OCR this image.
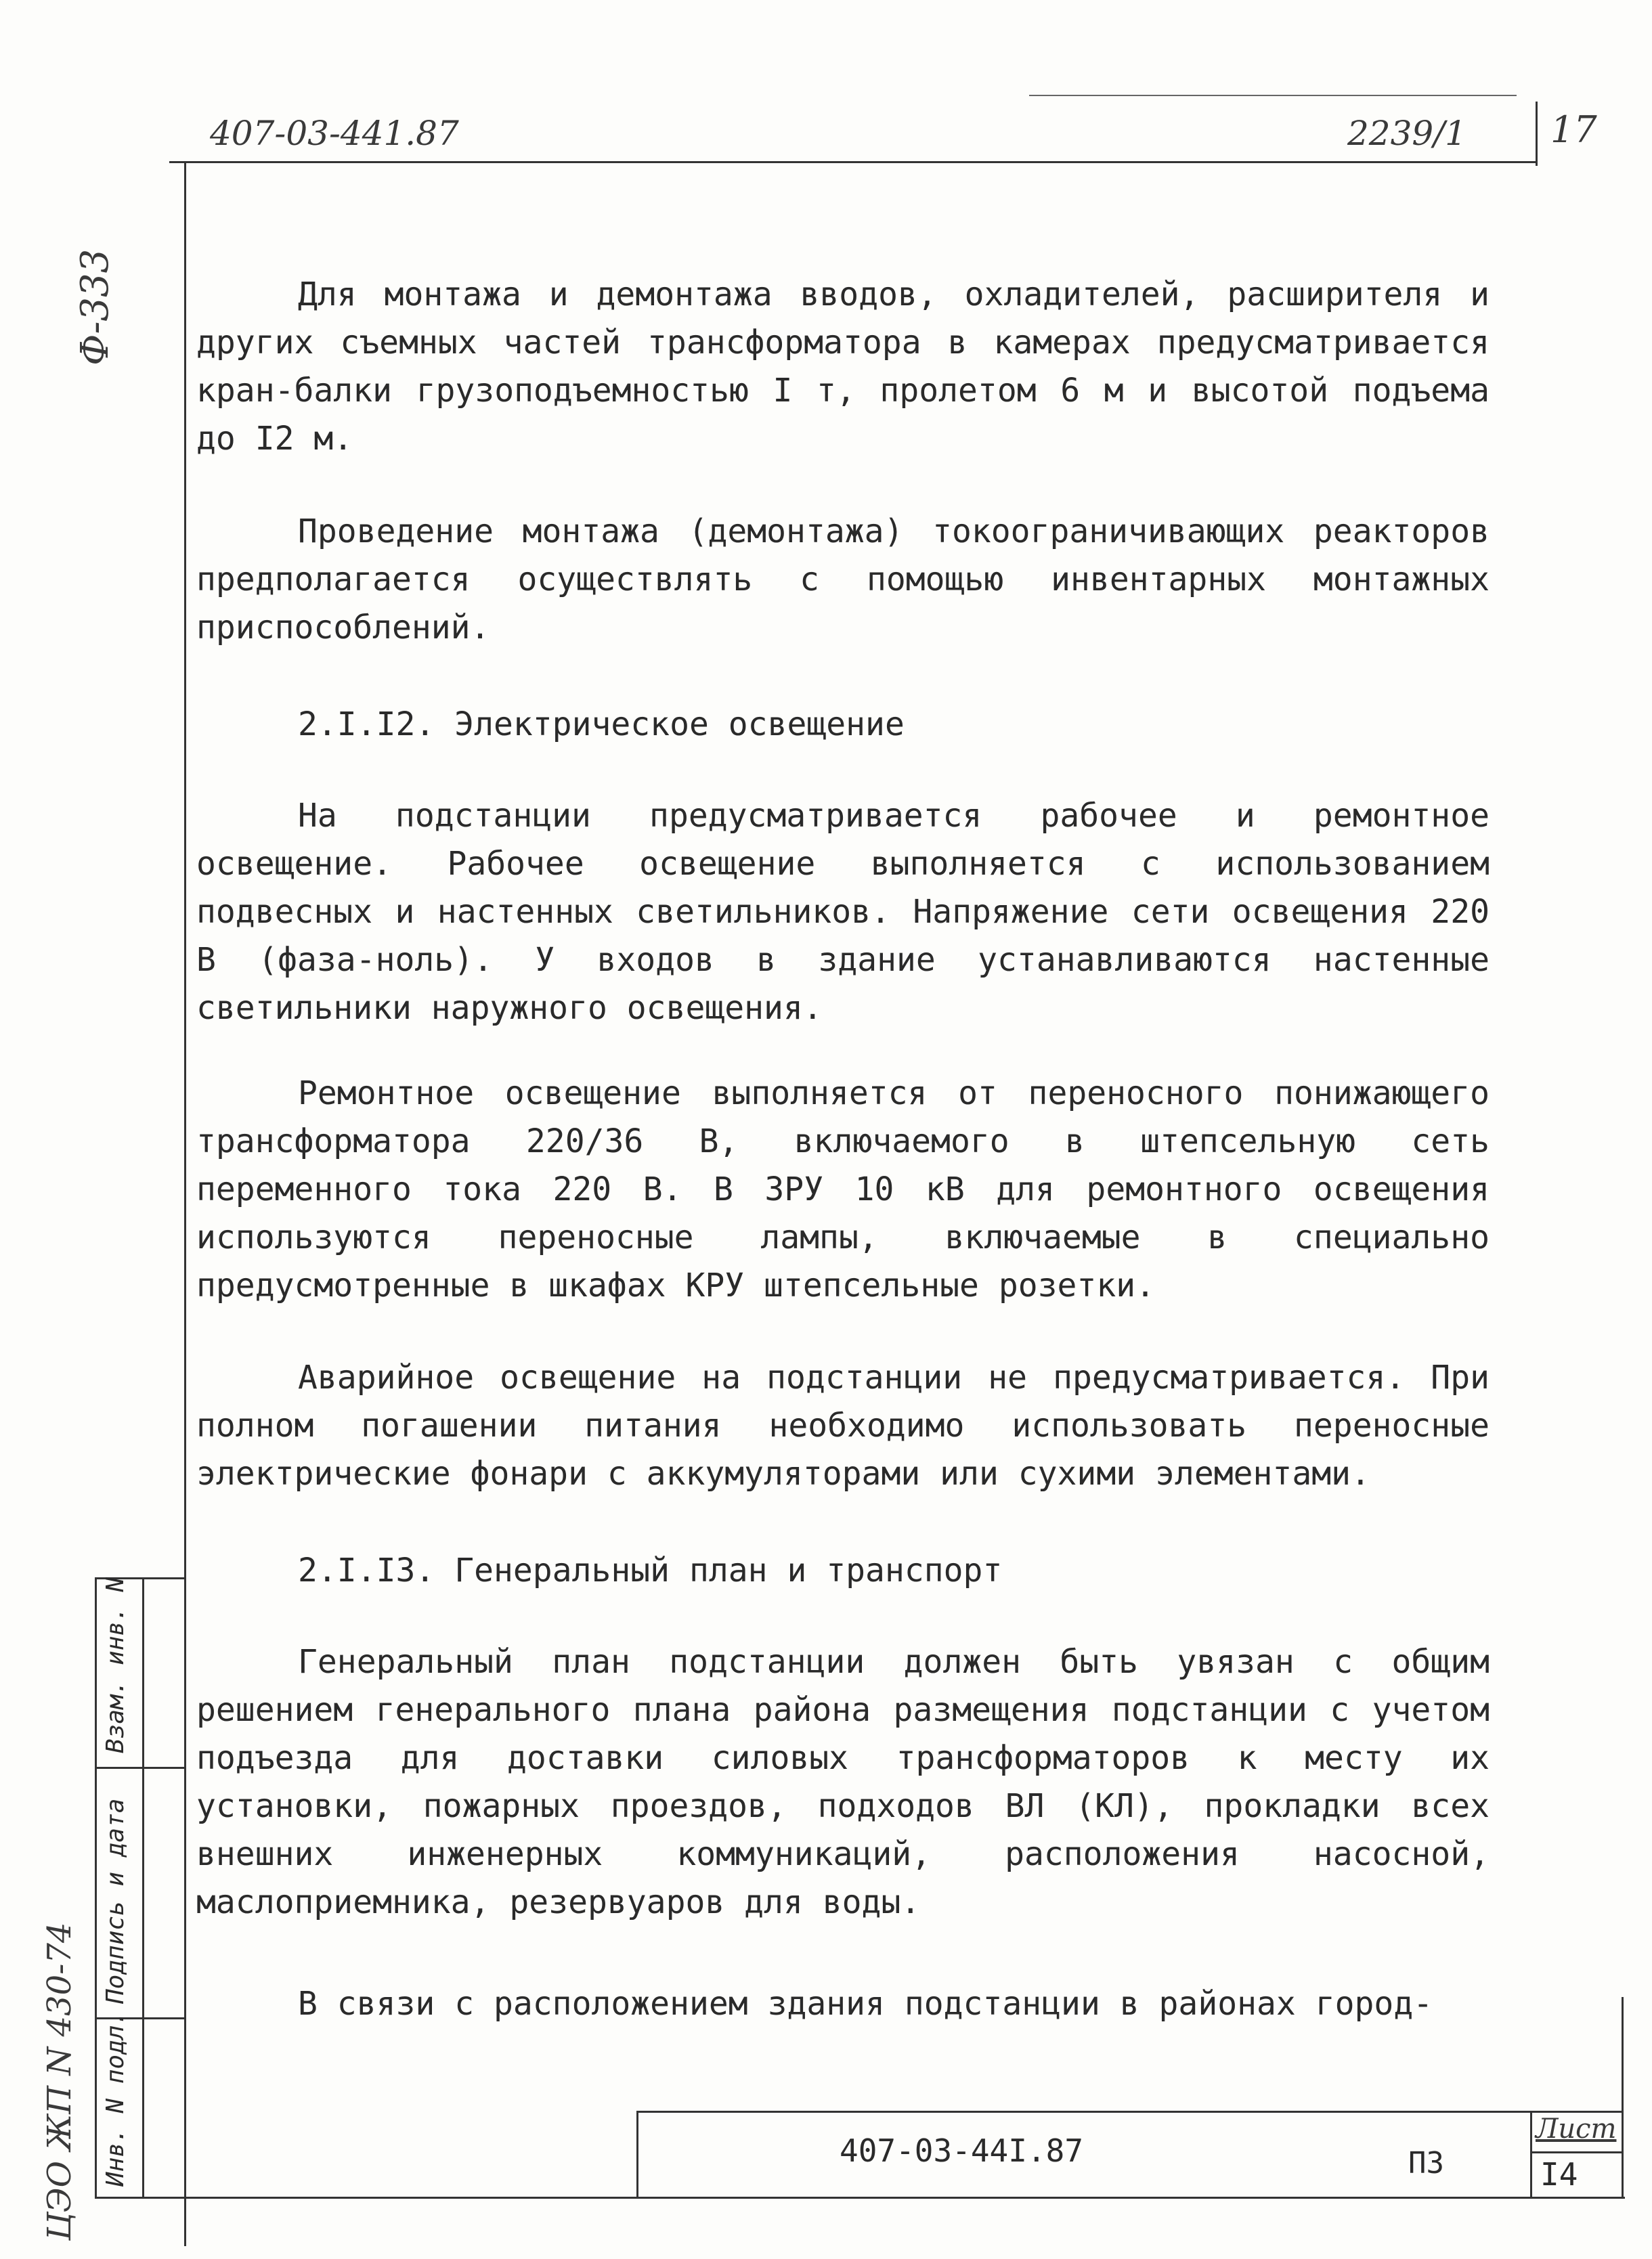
407-03-441.87	2239/1 17
Ф-333	Для монтажа и демонтажа вводов, охладителей, расширителя и других съемных частей трансформатора в камерах предусматривается кран-балки грузоподъемностью I т, пролетом 6 м и высотой подъема до I2 м.
Проведение монтажа (демонтажа) токоограничивающих реакторов предполагается осуществлять с помощью инвентарных монтажных приспособлений.
2.I.I2. Электрическое освещение
На подстанции предусматривается рабочее и ремонтное освещение. Рабочее освещение выполняется с использованием подвесных и настенных светильников. Напряжение сети освещения 220 В (фаза-ноль). У входов в здание устанавливаются настенные светильники наружного освещения.
Ремонтное освещение выполняется от переносного понижающего трансформатора 220/36 В, включаемого в штепсельную сеть переменного тока 220 В. В ЗРУ 10 кВ для ремонтного освещения используются переносные лампы, включаемые в специально предусмотренные в шкафах КРУ штепсельные розетки.
Аварийное освещение на подстанции не предусматривается. При полном погашении питания необходимо использовать переносные электрические фонари с аккумуляторами или сухими элементами.
2.I.I3. Генеральный план и транспорт
Генеральный план подстанции должен быть увязан с общим решением генерального плана района размещения подстанции с учетом подъезда для доставки силовых трансформаторов к месту их установки, пожарных проездов, подходов ВЛ (КЛ), прокладки всех внешних инженерных коммуникаций, расположения насосной, маслоприемника, резервуаров для воды.
В связи с расположением здания подстанции в районах город-
Взам. инв. N
Подпись и дата
Инв. N подл.
ЦЭО ЖП N 430-74	407-03-44I.87	ПЗ
Лист
I4
